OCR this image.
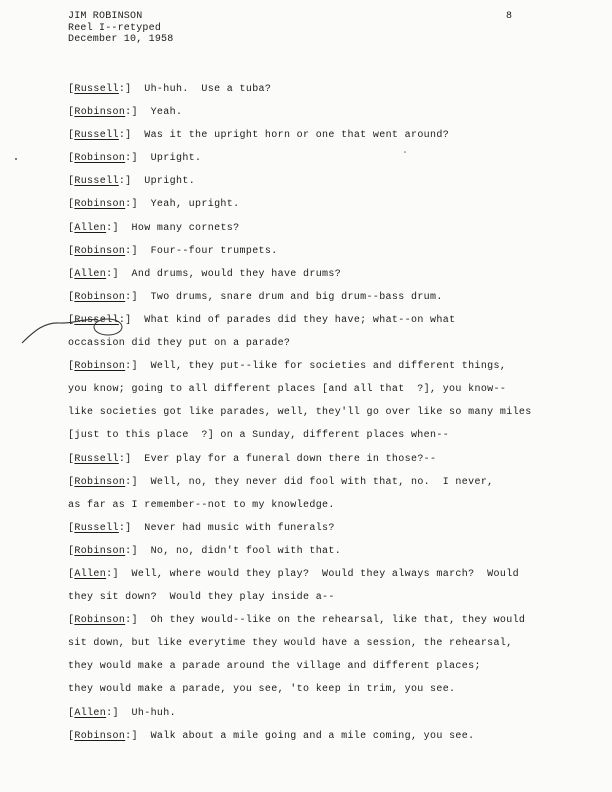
JIM ROBINSON
Reel I--retyped
December 10, 1958
8
[Russell:]  Uh-huh.  Use a tuba?
[Robinson:]  Yeah.
[Russell:]  Was it the upright horn or one that went around?
[Robinson:]  Upright.
[Russell:]  Upright.
[Robinson:]  Yeah, upright.
[Allen:]  How many cornets?
[Robinson:]  Four--four trumpets.
[Allen:]  And drums, would they have drums?
[Robinson:]  Two drums, snare drum and big drum--bass drum.
[Russell:]  What kind of parades did they have; what--on what
occassion did they put on a parade?
[Robinson:]  Well, they put--like for societies and different things,
you know; going to all different places [and all that  ?], you know--
like societies got like parades, well, they'll go over like so many miles
[just to this place  ?] on a Sunday, different places when--
[Russell:]  Ever play for a funeral down there in those?--
[Robinson:]  Well, no, they never did fool with that, no.  I never,
as far as I remember--not to my knowledge.
[Russell:]  Never had music with funerals?
[Robinson:]  No, no, didn't fool with that.
[Allen:]  Well, where would they play?  Would they always march?  Would
they sit down?  Would they play inside a--
[Robinson:]  Oh they would--like on the rehearsal, like that, they would
sit down, but like everytime they would have a session, the rehearsal,
they would make a parade around the village and different places;
they would make a parade, you see, 'to keep in trim, you see.
[Allen:]  Uh-huh.
[Robinson:]  Walk about a mile going and a mile coming, you see.
